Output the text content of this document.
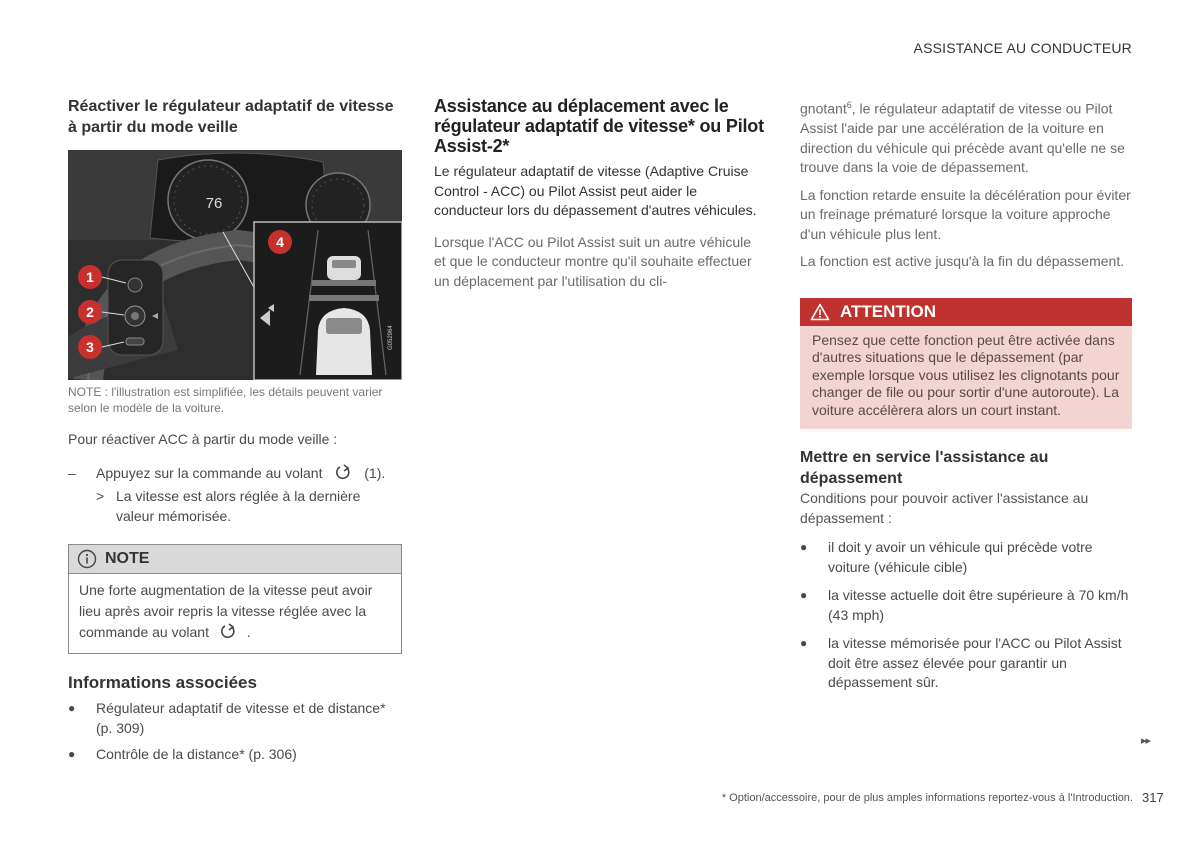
ASSISTANCE AU CONDUCTEUR
Réactiver le régulateur adaptatif de vitesse à partir du mode veille
1
2
3
4
76
G052964
NOTE : l'illustration est simplifiée, les détails peuvent varier selon le modèle de la voiture.

Pour réactiver ACC à partir du mode veille :

–	Appuyez sur la commande au volant	(1).
> La vitesse est alors réglée à la dernière valeur mémorisée.
NOTE
Une forte augmentation de la vitesse peut avoir lieu après avoir repris la vitesse réglée avec la commande au volant	.
Informations associées
●	Régulateur adaptatif de vitesse et de distance* (p. 309)
●	Contrôle de la distance* (p. 306)
Assistance au déplacement avec le régulateur adaptatif de vitesse* ou Pilot Assist-2*

Le régulateur adaptatif de vitesse (Adaptive Cruise Control - ACC) ou Pilot Assist peut aider le conducteur lors du dépassement d'autres véhicules.

Lorsque l'ACC ou Pilot Assist suit un autre véhicule et que le conducteur montre qu'il souhaite effectuer un déplacement par l'utilisation du cli-

gnotant$^6$, le régulateur adaptatif de vitesse ou Pilot Assist l'aide par une accélération de la voiture en direction du véhicule qui précède avant qu'elle ne se trouve dans la voie de dépassement.

La fonction retarde ensuite la décélération pour éviter un freinage prématuré lorsque la voiture approche d'un véhicule plus lent.

La fonction est active jusqu'à la fin du dépassement.

ATTENTION
Pensez que cette fonction peut être activée dans d'autres situations que le dépassement (par exemple lorsque vous utilisez les clignotants pour changer de file ou pour sortir d'une autoroute). La voiture accélèrera alors un court instant.
Mettre en service l'assistance au dépassement

Conditions pour pouvoir activer l'assistance au dépassement :

●	il doit y avoir un véhicule qui précède votre voiture (véhicule cible)
●	la vitesse actuelle doit être supérieure à 70 km/h (43 mph)
●	la vitesse mémorisée pour l'ACC ou Pilot Assist doit être assez élevée pour garantir un dépassement sûr.
▸▸
* Option/accessoire, pour de plus amples informations reportez-vous à l'Introduction. 317
